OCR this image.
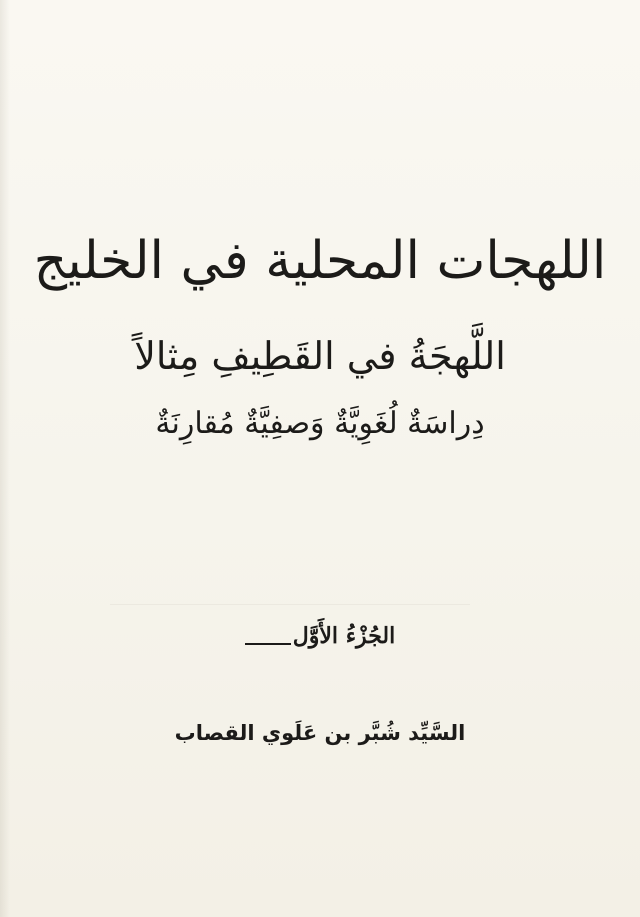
اللهجات المحلية في الخليج
اللَّهجَةُ في القَطِيفِ مِثالاً
دِراسَةٌ لُغَوِيَّةٌ وَصفِيَّةٌ مُقارِنَةٌ
الجُزْءُ الأَوَّل
السَّيِّد شُبَّر بن عَلَوي القصاب
